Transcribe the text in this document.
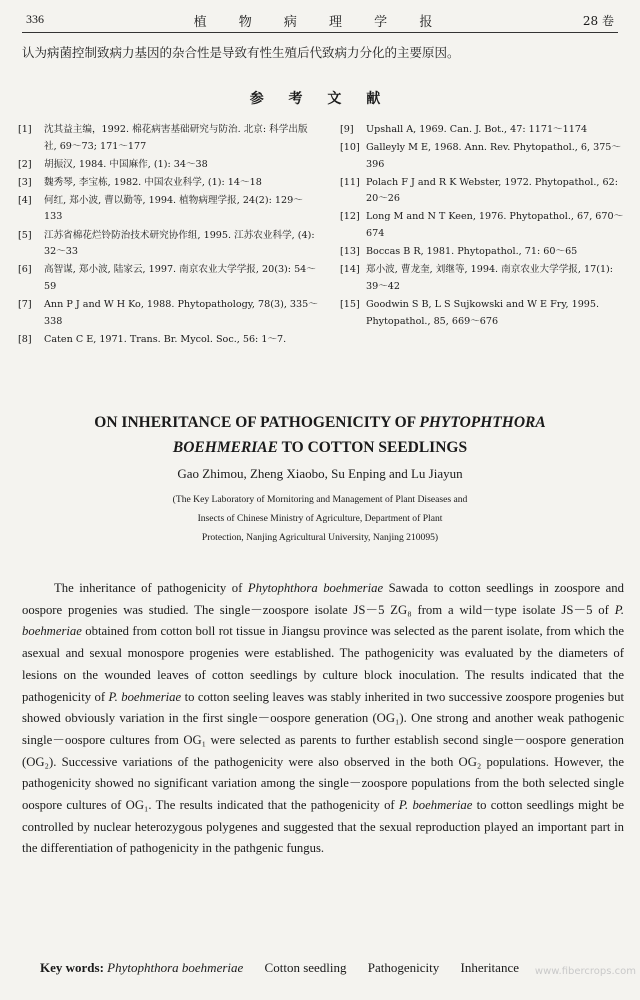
336	植 物 病 理 学 报	28 卷
认为病菌控制致病力基因的杂合性是导致有性生殖后代致病力分化的主要原因。
参 考 文 献
[1] 沈其益主编，1992. 棉花病害基础研究与防治. 北京: 科学出版社, 69～73; 171～177
[2] 胡振汉, 1984. 中国麻作, (1): 34～38
[3] 魏秀琴, 李宝栋, 1982. 中国农业科学, (1): 14～18
[4] 何红, 郑小波, 曹以勤等, 1994. 植物病理学报, 24(2): 129～133
[5] 江苏省棉花烂铃防治技术研究协作组, 1995. 江苏农业科学, (4): 32～33
[6] 高智谋, 郑小波, 陆家云, 1997. 南京农业大学学报, 20(3): 54～59
[7] Ann P J and W H Ko, 1988. Phytopathology, 78(3), 335～338
[8] Caten C E, 1971. Trans. Br. Mycol. Soc., 56: 1～7.
[9] Upshall A, 1969. Can. J. Bot., 47: 1171～1174
[10] Galleyly M E, 1968. Ann. Rev. Phytopathol., 6, 375～396
[11] Polach F J and R K Webster, 1972. Phytopathol., 62: 20～26
[12] Long M and N T Keen, 1976. Phytopathol., 67, 670～674
[13] Boccas B R, 1981. Phytopathol., 71: 60～65
[14] 郑小波, 曹龙奎, 刘继等, 1994. 南京农业大学学报, 17(1): 39～42
[15] Goodwin S B, L S Sujkowski and W E Fry, 1995. Phytopathol., 85, 669～676
ON INHERITANCE OF PATHOGENICITY OF PHYTOPHTHORA
BOEHMERIAE TO COTTON SEEDLINGS
Gao Zhimou, Zheng Xiaobo, Su Enping and Lu Jiayun
(The Key Laboratory of Mornitoring and Management of Plant Diseases and
Insects of Chinese Ministry of Agriculture, Department of Plant
Protection, Nanjing Agricultural University, Nanjing 210095)
The inheritance of pathogenicity of Phytophthora boehmeriae Sawada to cotton seedlings in zoospore and oospore progenies was studied. The single－zoospore isolate JS－5 ZG₈ from a wild－type isolate JS－5 of P. boehmeriae obtained from cotton boll rot tissue in Jiangsu province was selected as the parent isolate, from which the asexual and sexual monospore progenies were established. The pathogenicity was evaluated by the diameters of lesions on the wounded leaves of cotton seedlings by culture block inoculation. The results indicated that the pathogenicity of P. boehmeriae to cotton seeling leaves was stably inherited in two successive zoospore progenies but showed obviously variation in the first single－oospore generation (OG₁). One strong and another weak pathogenic single－oospore cultures from OG₁ were selected as parents to further establish second single－oospore generation (OG₂). Successive variations of the pathogenicity were also observed in the both OG₂ populations. However, the pathogenicity showed no significant variation among the single－zoospore populations from the both selected single oospore cultures of OG₁. The results indicated that the pathogenicity of P. boehmeriae to cotton seedlings might be controlled by nuclear heterozygous polygenes and suggested that the sexual reproduction played an important part in the differentiation of pathogenicity in the pathgenic fungus.
Key words: Phytophthora boehmeriae Cotton seedling Pathogenicity Inheritance	www.fibercrops.com
